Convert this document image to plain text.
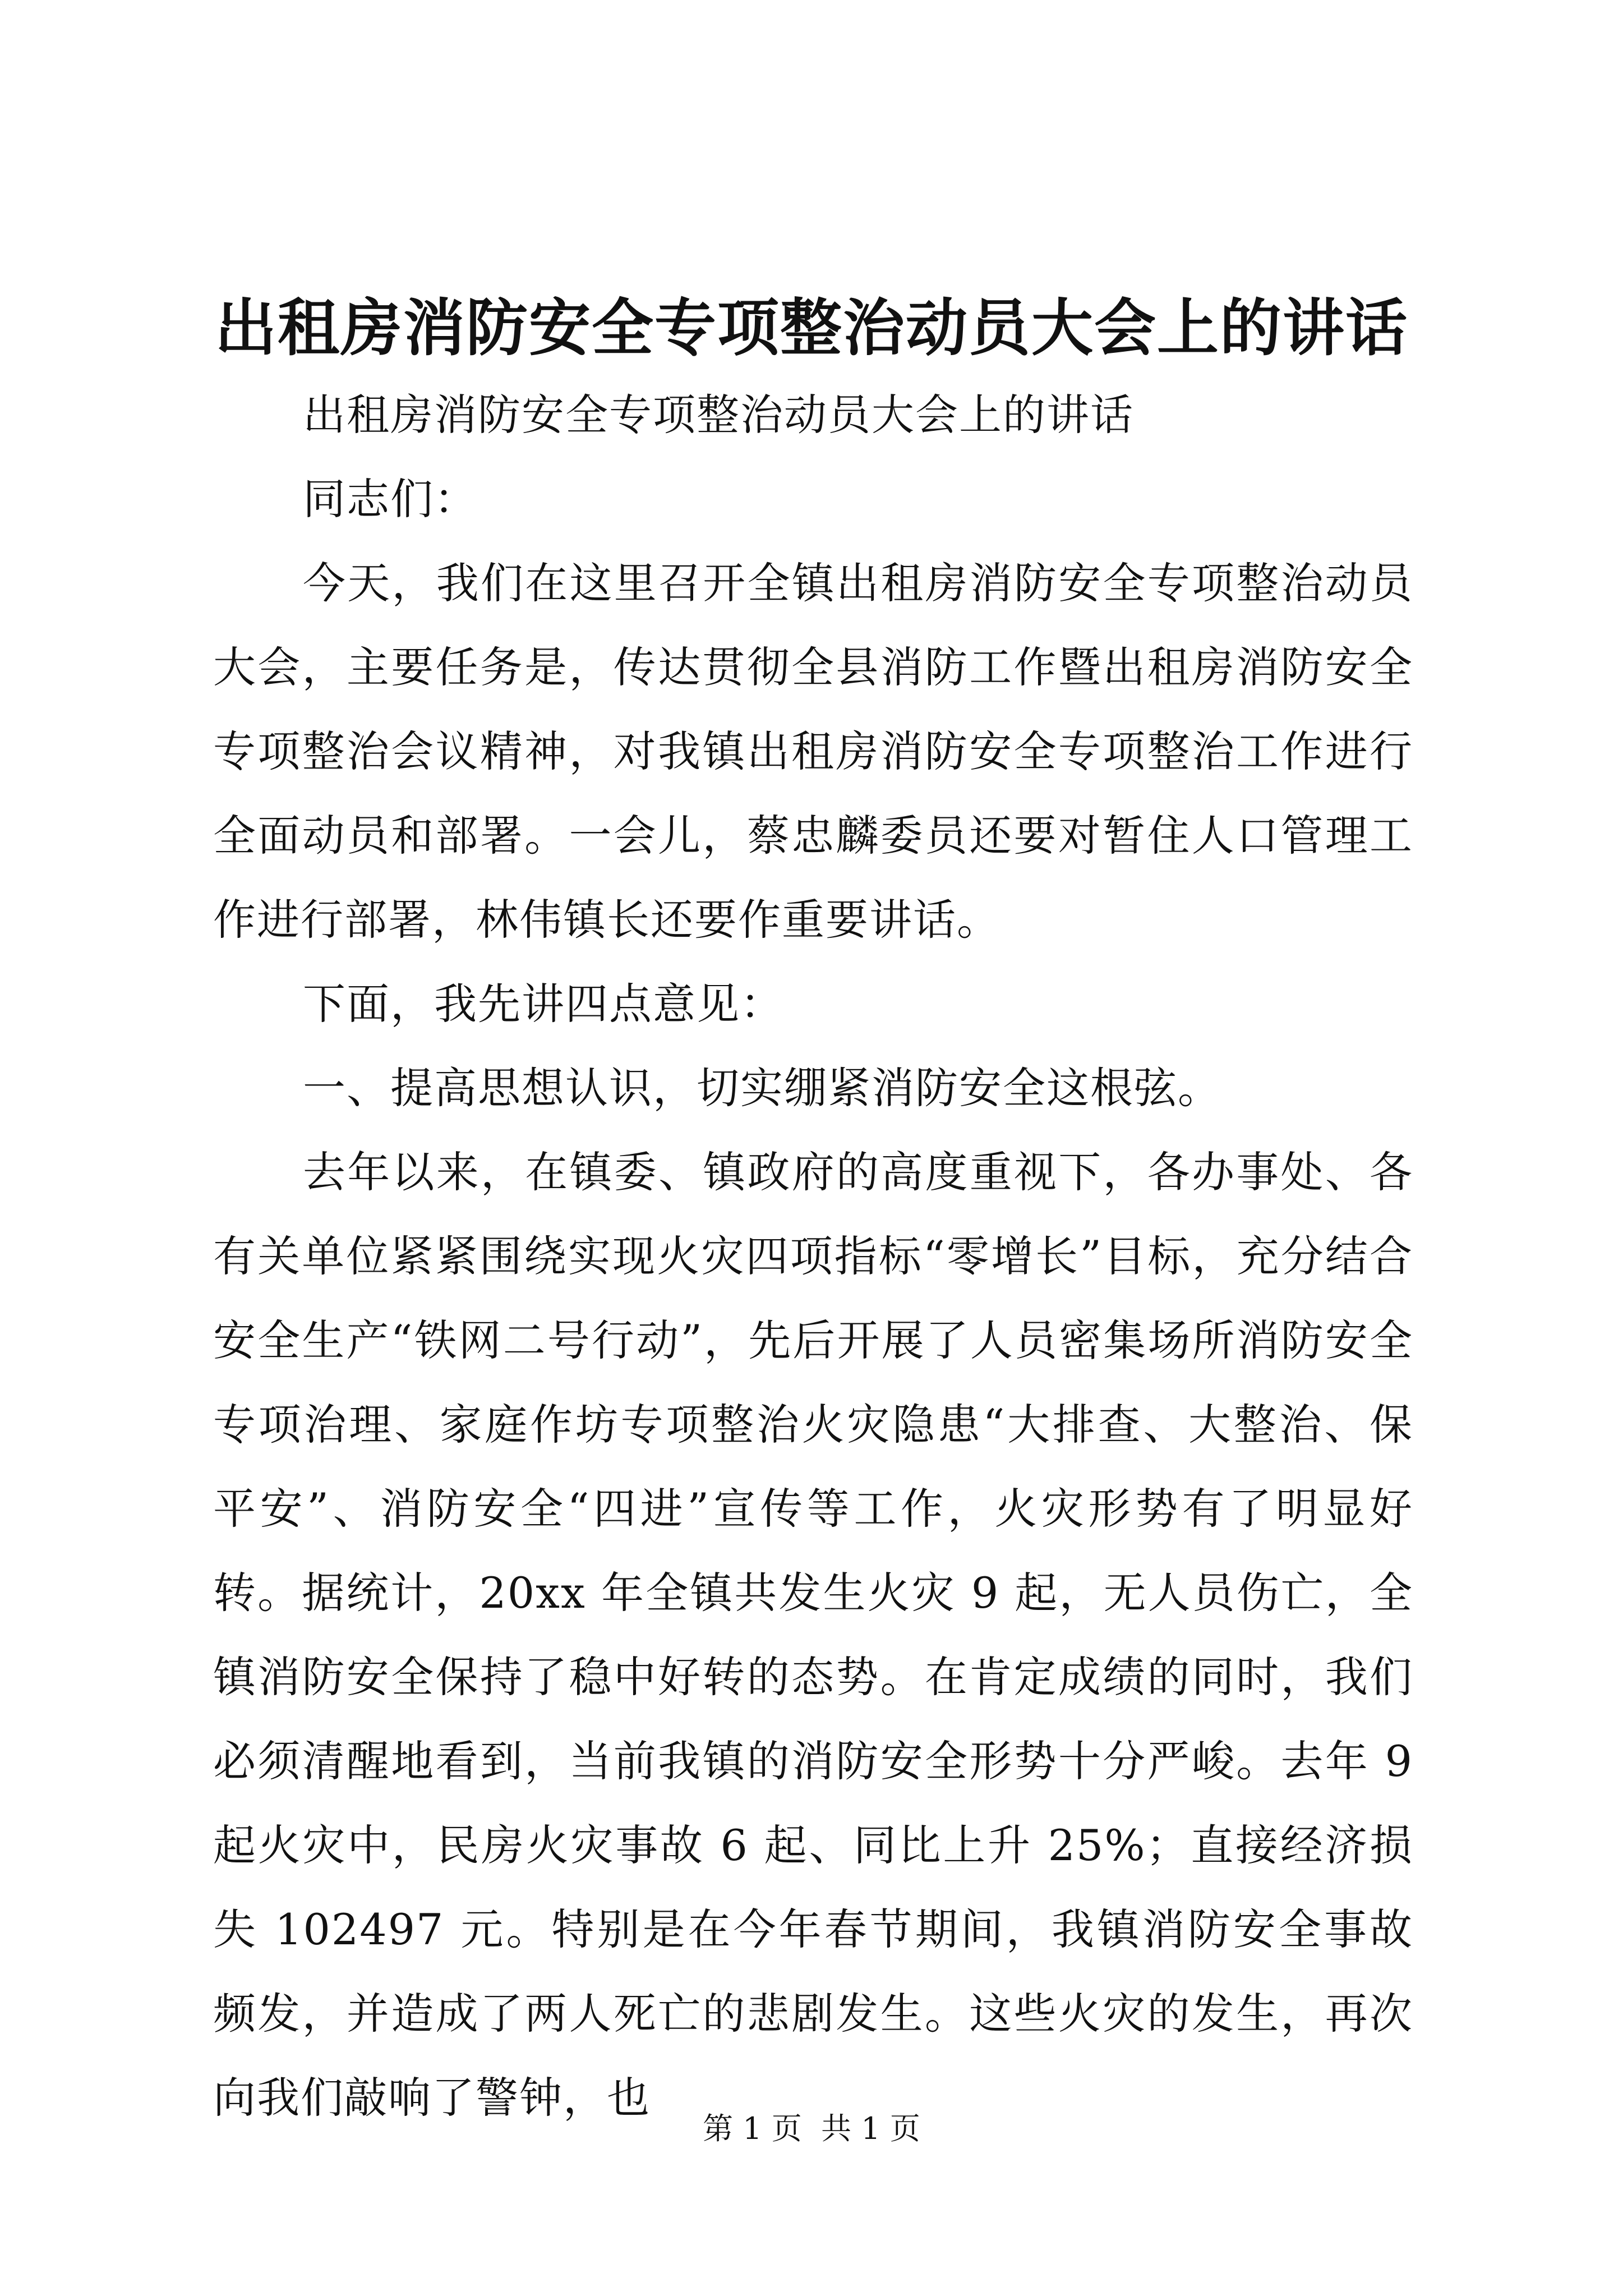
出租房消防安全专项整治动员大会上的讲话

出租房消防安全专项整治动员大会上的讲话

同志们：

今天，我们在这里召开全镇出租房消防安全专项整治动员大会，主要任务是，传达贯彻全县消防工作暨出租房消防安全专项整治会议精神，对我镇出租房消防安全专项整治工作进行全面动员和部署。一会儿，蔡忠麟委员还要对暂住人口管理工作进行部署，林伟镇长还要作重要讲话。

下面，我先讲四点意见：

一、提高思想认识，切实绷紧消防安全这根弦。

去年以来，在镇委、镇政府的高度重视下，各办事处、各有关单位紧紧围绕实现火灾四项指标“零增长”目标，充分结合安全生产“铁网二号行动”，先后开展了人员密集场所消防安全专项治理、家庭作坊专项整治火灾隐患“大排查、大整治、保平安”、消防安全“四进”宣传等工作，火灾形势有了明显好转。据统计，20xx 年全镇共发生火灾 9 起，无人员伤亡，全镇消防安全保持了稳中好转的态势。在肯定成绩的同时，我们必须清醒地看到，当前我镇的消防安全形势十分严峻。去年 9 起火灾中，民房火灾事故 6 起、同比上升 25%；直接经济损失 102497 元。特别是在今年春节期间，我镇消防安全事故频发，并造成了两人死亡的悲剧发生。这些火灾的发生，再次向我们敲响了警钟，也

第 1 页  共 1 页
